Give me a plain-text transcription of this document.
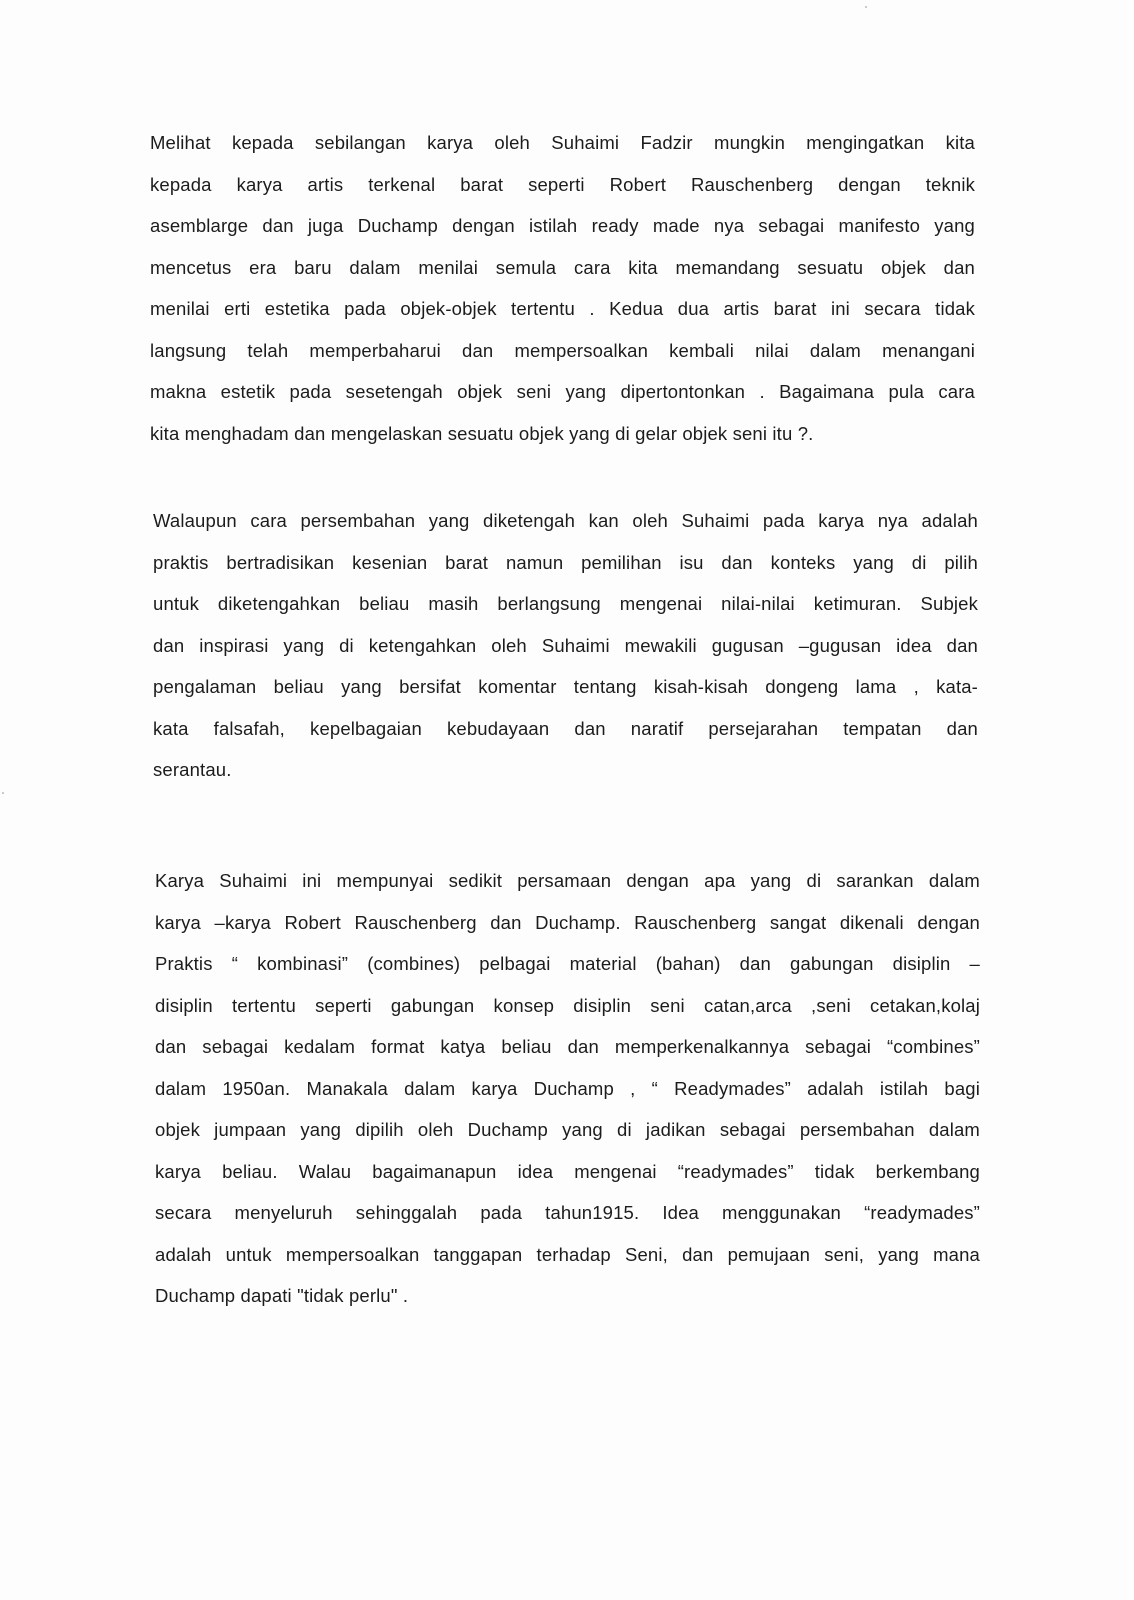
Melihat kepada sebilangan karya oleh Suhaimi Fadzir mungkin mengingatkan kita
kepada karya artis terkenal barat seperti Robert Rauschenberg dengan teknik
asemblarge dan juga Duchamp dengan istilah ready made nya sebagai manifesto yang
mencetus era baru dalam menilai semula cara kita memandang sesuatu objek dan
menilai erti estetika pada objek-objek tertentu . Kedua dua artis barat ini secara tidak
langsung telah memperbaharui dan mempersoalkan kembali nilai dalam menangani
makna estetik pada sesetengah objek seni yang dipertontonkan . Bagaimana pula cara
kita menghadam dan mengelaskan sesuatu objek yang di gelar objek seni itu ?.
Walaupun cara persembahan yang diketengah kan oleh Suhaimi pada karya nya adalah
praktis bertradisikan kesenian barat namun pemilihan isu dan konteks yang di pilih
untuk diketengahkan beliau masih berlangsung mengenai nilai-nilai ketimuran. Subjek
dan inspirasi yang di ketengahkan oleh Suhaimi mewakili gugusan –gugusan idea dan
pengalaman beliau yang bersifat komentar tentang kisah-kisah dongeng lama , kata-
kata falsafah, kepelbagaian kebudayaan dan naratif persejarahan tempatan dan
serantau.
Karya Suhaimi ini mempunyai sedikit persamaan dengan apa yang di sarankan dalam
karya –karya Robert Rauschenberg dan Duchamp. Rauschenberg sangat dikenali dengan
Praktis “ kombinasi” (combines) pelbagai material (bahan) dan gabungan disiplin –
disiplin tertentu seperti gabungan konsep disiplin seni catan,arca ,seni cetakan,kolaj
dan sebagai kedalam format katya beliau dan memperkenalkannya sebagai “combines”
dalam 1950an. Manakala dalam karya Duchamp , “ Readymades” adalah istilah bagi
objek jumpaan yang dipilih oleh Duchamp yang di jadikan sebagai persembahan dalam
karya beliau. Walau bagaimanapun idea mengenai “readymades” tidak berkembang
secara menyeluruh sehinggalah pada tahun1915. Idea menggunakan “readymades”
adalah untuk mempersoalkan tanggapan terhadap Seni, dan pemujaan seni, yang mana
Duchamp dapati "tidak perlu" .
